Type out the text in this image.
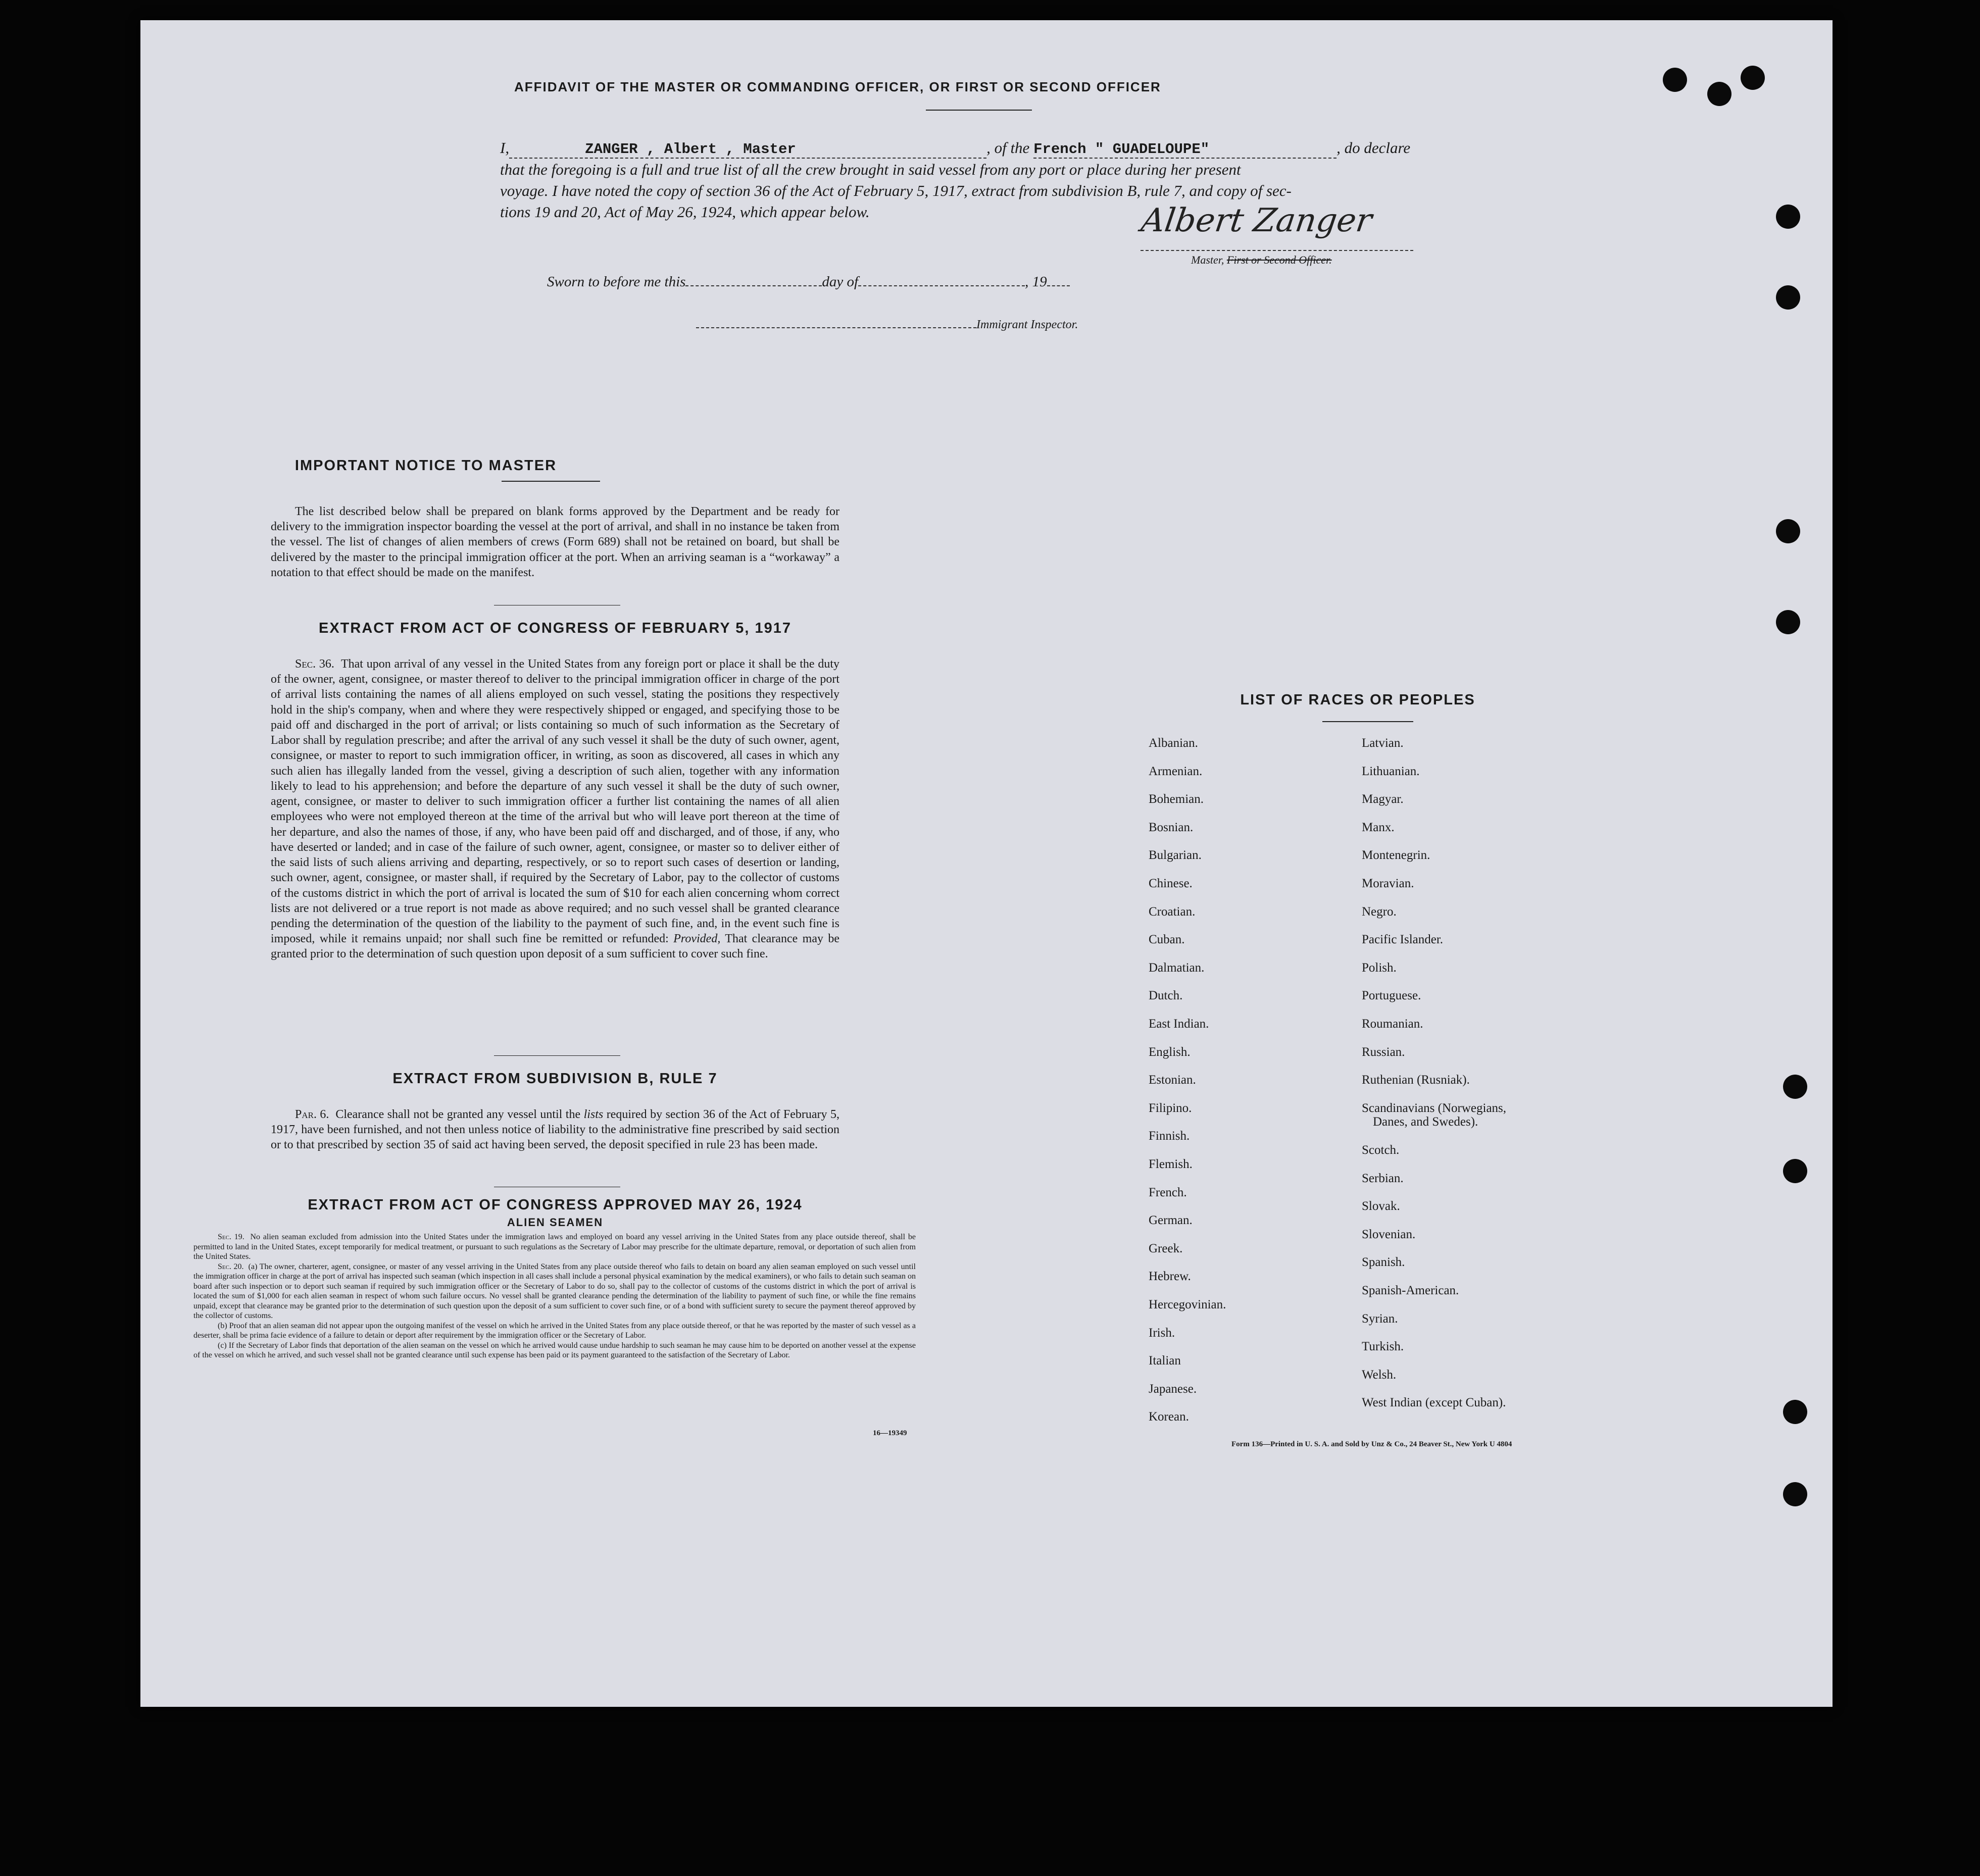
AFFIDAVIT OF THE MASTER OR COMMANDING OFFICER, OR FIRST OR SECOND OFFICER
I,	ZANGER , Albert , Master	, of the French " GUADELOUPE"	, do declare
that the foregoing is a full and true list of all the crew brought in said vessel from any port or place during her present
voyage. I have noted the copy of section 36 of the Act of February 5, 1917, extract from subdivision B, rule 7, and copy of sec-
tions 19 and 20, Act of May 26, 1924, which appear below.	Albert Zanger
Master, First or Second Officer.
Sworn to before me this	day of	, 19
Immigrant Inspector.
IMPORTANT NOTICE TO MASTER
The list described below shall be prepared on blank forms approved by the Department and be ready for delivery to the immigration inspector boarding the vessel at the port of arrival, and shall in no instance be taken from the vessel. The list of changes of alien members of crews (Form 689) shall not be retained on board, but shall be delivered by the master to the principal immigration officer at the port. When an arriving seaman is a “workaway” a notation to that effect should be made on the manifest.
EXTRACT FROM ACT OF CONGRESS OF FEBRUARY 5, 1917
Sec. 36. That upon arrival of any vessel in the United States from any foreign port or place it shall be the duty of the owner, agent, consignee, or master thereof to deliver to the principal immigration officer in charge of the port of arrival lists containing the names of all aliens employed on such vessel, stating the positions they respectively hold in the ship's company, when and where they were respectively shipped or engaged, and specifying those to be paid off and discharged in the port of arrival; or lists containing so much of such information as the Secretary of Labor shall by regulation prescribe; and after the arrival of any such vessel it shall be the duty of such owner, agent, consignee, or master to report to such immigration officer, in writing, as soon as discovered, all cases in which any such alien has illegally landed from the vessel, giving a description of such alien, together with any information likely to lead to his apprehension; and before the departure of any such vessel it shall be the duty of such owner, agent, consignee, or master to deliver to such immigration officer a further list containing the names of all alien employees who were not employed thereon at the time of the arrival but who will leave port thereon at the time of her departure, and also the names of those, if any, who have been paid off and discharged, and of those, if any, who have deserted or landed; and in case of the failure of such owner, agent, consignee, or master so to deliver either of the said lists of such aliens arriving and departing, respectively, or so to report such cases of desertion or landing, such owner, agent, consignee, or master shall, if required by the Secretary of Labor, pay to the collector of customs of the customs district in which the port of arrival is located the sum of $10 for each alien concerning whom correct lists are not delivered or a true report is not made as above required; and no such vessel shall be granted clearance pending the determination of the question of the liability to the payment of such fine, and, in the event such fine is imposed, while it remains unpaid; nor shall such fine be remitted or refunded: Provided, That clearance may be granted prior to the determination of such question upon deposit of a sum sufficient to cover such fine.
EXTRACT FROM SUBDIVISION B, RULE 7
Par. 6. Clearance shall not be granted any vessel until the lists required by section 36 of the Act of February 5, 1917, have been furnished, and not then unless notice of liability to the administrative fine prescribed by said section or to that prescribed by section 35 of said act having been served, the deposit specified in rule 23 has been made.
EXTRACT FROM ACT OF CONGRESS APPROVED MAY 26, 1924
ALIEN SEAMEN
Sec. 19. No alien seaman excluded from admission into the United States under the immigration laws and employed on board any vessel arriving in the United States from any place outside thereof, shall be permitted to land in the United States, except temporarily for medical treatment, or pursuant to such regulations as the Secretary of Labor may prescribe for the ultimate departure, removal, or deportation of such alien from the United States.
Sec. 20. (a) The owner, charterer, agent, consignee, or master of any vessel arriving in the United States from any place outside thereof who fails to detain on board any alien seaman employed on such vessel until the immigration officer in charge at the port of arrival has inspected such seaman (which inspection in all cases shall include a personal physical examination by the medical examiners), or who fails to detain such seaman on board after such inspection or to deport such seaman if required by such immigration officer or the Secretary of Labor to do so, shall pay to the collector of customs of the customs district in which the port of arrival is located the sum of $1,000 for each alien seaman in respect of whom such failure occurs. No vessel shall be granted clearance pending the determination of the liability to payment of such fine, or while the fine remains unpaid, except that clearance may be granted prior to the determination of such question upon the deposit of a sum sufficient to cover such fine, or of a bond with sufficient surety to secure the payment thereof approved by the collector of customs.
(b) Proof that an alien seaman did not appear upon the outgoing manifest of the vessel on which he arrived in the United States from any place outside thereof, or that he was reported by the master of such vessel as a deserter, shall be prima facie evidence of a failure to detain or deport after requirement by the immigration officer or the Secretary of Labor.
(c) If the Secretary of Labor finds that deportation of the alien seaman on the vessel on which he arrived would cause undue hardship to such seaman he may cause him to be deported on another vessel at the expense of the vessel on which he arrived, and such vessel shall not be granted clearance until such expense has been paid or its payment guaranteed to the satisfaction of the Secretary of Labor.
16—19349
LIST OF RACES OR PEOPLES
Albanian.
Armenian.
Bohemian.
Bosnian.
Bulgarian.
Chinese.
Croatian.
Cuban.
Dalmatian.
Dutch.
East Indian.
English.
Estonian.
Filipino.
Finnish.
Flemish.
French.
German.
Greek.
Hebrew.
Hercegovinian.
Irish.
Italian
Japanese.
Korean.
Latvian.
Lithuanian.
Magyar.
Manx.
Montenegrin.
Moravian.
Negro.
Pacific Islander.
Polish.
Portuguese.
Roumanian.
Russian.
Ruthenian (Rusniak).
Scandinavians (Norwegians,
Danes, and Swedes).
Scotch.
Serbian.
Slovak.
Slovenian.
Spanish.
Spanish-American.
Syrian.
Turkish.
Welsh.
West Indian (except Cuban).
Form 136—Printed in U. S. A. and Sold by Unz & Co., 24 Beaver St., New York U 4804
